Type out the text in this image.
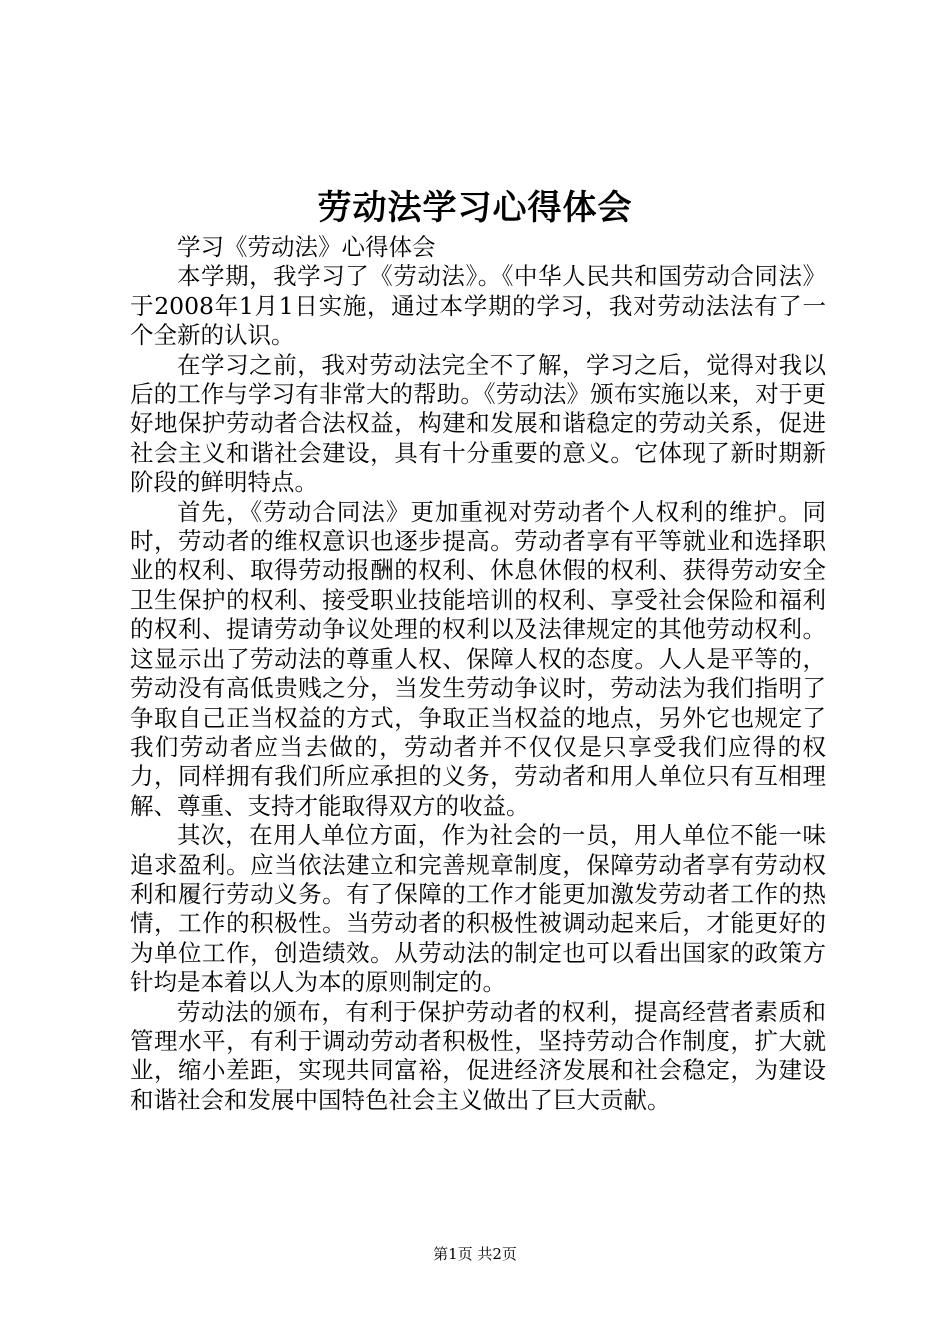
劳动法学习心得体会

学习《劳动法》心得体会

本学期，我学习了《劳动法》。《中华人民共和国劳动合同法》于2008年1月1日实施，通过本学期的学习，我对劳动法法有了一个全新的认识。

在学习之前，我对劳动法完全不了解，学习之后，觉得对我以后的工作与学习有非常大的帮助。《劳动法》颁布实施以来，对于更好地保护劳动者合法权益，构建和发展和谐稳定的劳动关系，促进社会主义和谐社会建设，具有十分重要的意义。它体现了新时期新阶段的鲜明特点。

首先，《劳动合同法》更加重视对劳动者个人权利的维护。同时，劳动者的维权意识也逐步提高。劳动者享有平等就业和选择职业的权利、取得劳动报酬的权利、休息休假的权利、获得劳动安全卫生保护的权利、接受职业技能培训的权利、享受社会保险和福利的权利、提请劳动争议处理的权利以及法律规定的其他劳动权利。这显示出了劳动法的尊重人权、保障人权的态度。人人是平等的，劳动没有高低贵贱之分，当发生劳动争议时，劳动法为我们指明了争取自己正当权益的方式，争取正当权益的地点，另外它也规定了我们劳动者应当去做的，劳动者并不仅仅是只享受我们应得的权力，同样拥有我们所应承担的义务，劳动者和用人单位只有互相理解、尊重、支持才能取得双方的收益。

其次，在用人单位方面，作为社会的一员，用人单位不能一味追求盈利。应当依法建立和完善规章制度，保障劳动者享有劳动权利和履行劳动义务。有了保障的工作才能更加激发劳动者工作的热情，工作的积极性。当劳动者的积极性被调动起来后，才能更好的为单位工作，创造绩效。从劳动法的制定也可以看出国家的政策方针均是本着以人为本的原则制定的。

劳动法的颁布，有利于保护劳动者的权利，提高经营者素质和管理水平，有利于调动劳动者积极性，坚持劳动合作制度，扩大就业，缩小差距，实现共同富裕，促进经济发展和社会稳定，为建设和谐社会和发展中国特色社会主义做出了巨大贡献。

第1页 共2页
